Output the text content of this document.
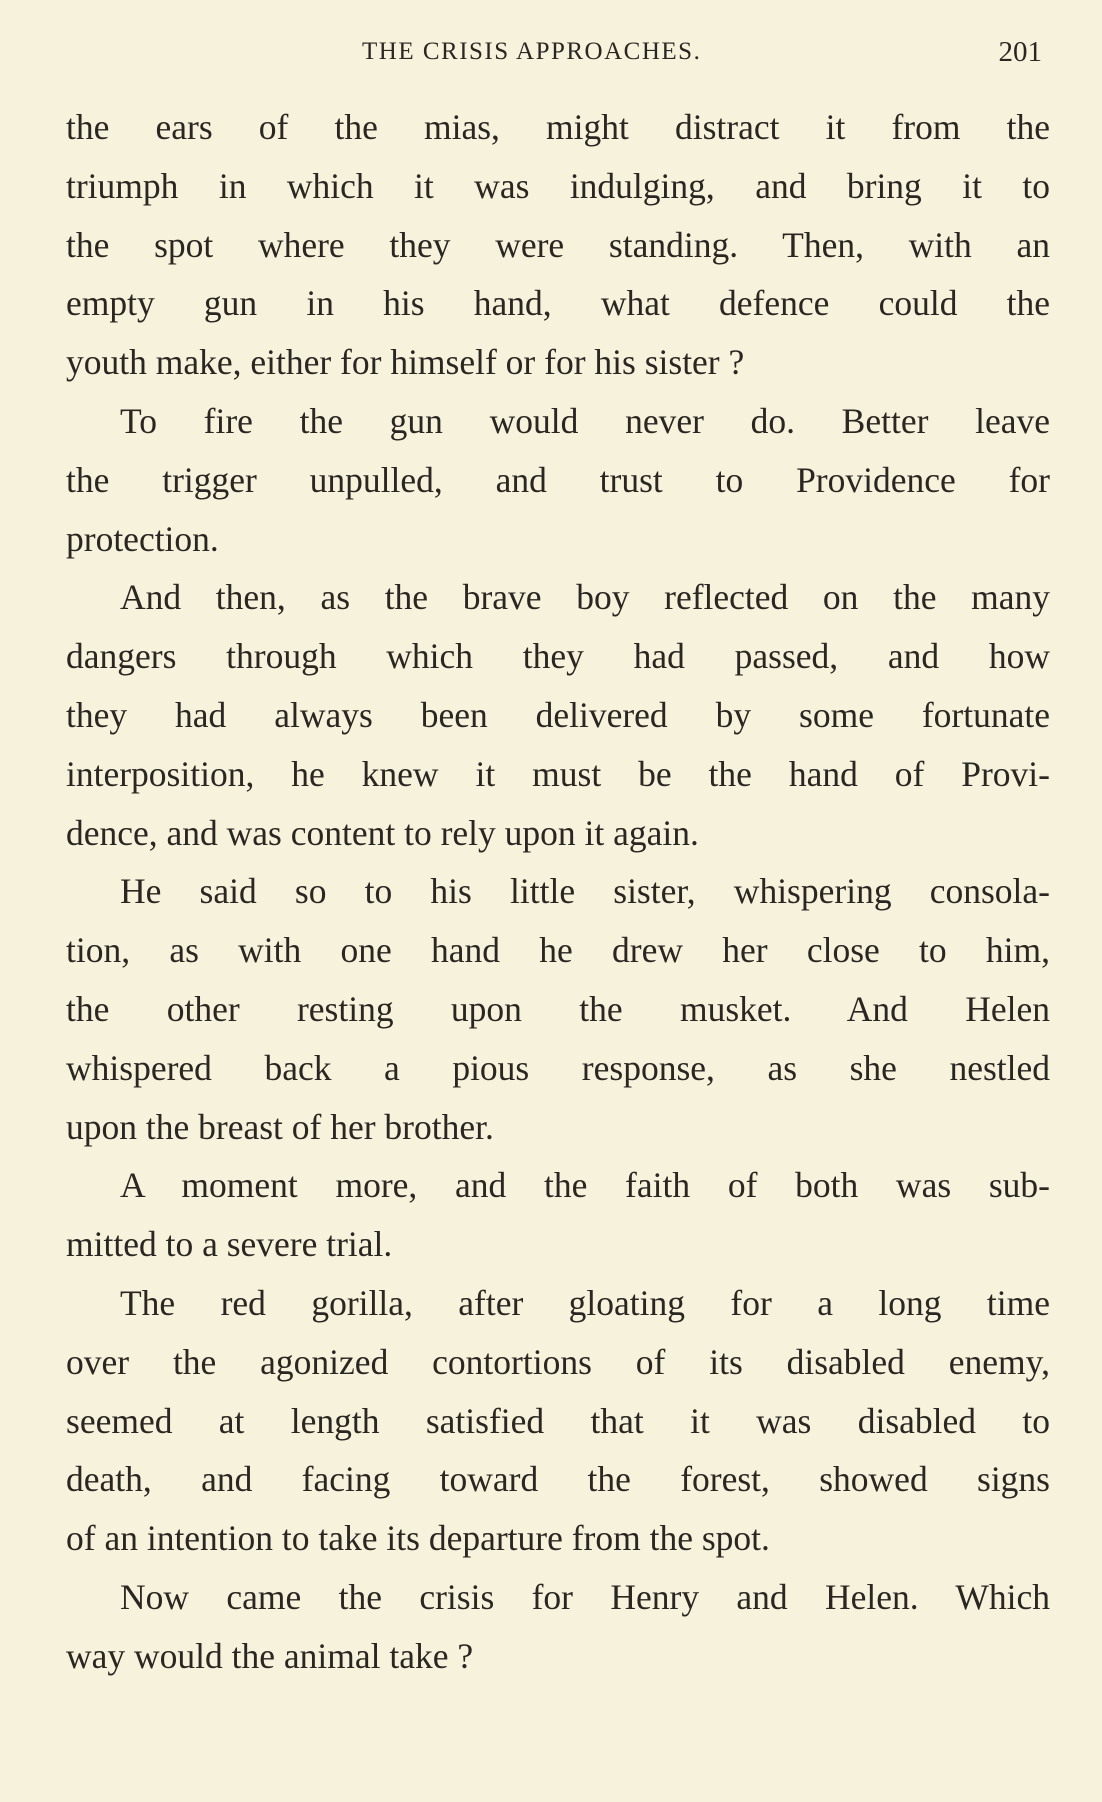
THE CRISIS APPROACHES.	201
the ears of the mias, might distract it from the
triumph in which it was indulging, and bring it to
the spot where they were standing. Then, with an
empty gun in his hand, what defence could the
youth make, either for himself or for his sister ?
To fire the gun would never do. Better leave
the trigger unpulled, and trust to Providence for
protection.
And then, as the brave boy reflected on the many
dangers through which they had passed, and how
they had always been delivered by some fortunate
interposition, he knew it must be the hand of Provi-
dence, and was content to rely upon it again.
He said so to his little sister, whispering consola-
tion, as with one hand he drew her close to him,
the other resting upon the musket. And Helen
whispered back a pious response, as she nestled
upon the breast of her brother.
A moment more, and the faith of both was sub-
mitted to a severe trial.
The red gorilla, after gloating for a long time
over the agonized contortions of its disabled enemy,
seemed at length satisfied that it was disabled to
death, and facing toward the forest, showed signs
of an intention to take its departure from the spot.
Now came the crisis for Henry and Helen. Which
way would the animal take ?
